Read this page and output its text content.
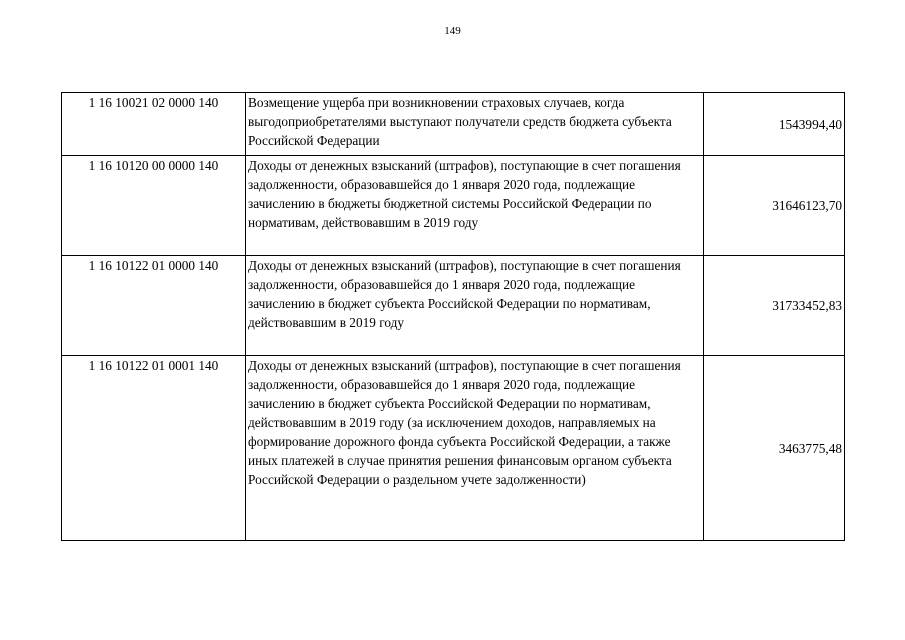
149
1 16 10021 02 0000 140	Возмещение ущерба при возникновении страховых случаев, когда выгодоприобретателями выступают получатели средств бюджета субъекта Российской Федерации	1543994,40
1 16 10120 00 0000 140	Доходы от денежных взысканий (штрафов), поступающие в счет погашения задолженности, образовавшейся до 1 января 2020 года, подлежащие зачислению в бюджеты бюджетной системы Российской Федерации по нормативам, действовавшим в 2019 году	31646123,70
1 16 10122 01 0000 140	Доходы от денежных взысканий (штрафов), поступающие в счет погашения задолженности, образовавшейся до 1 января 2020 года, подлежащие зачислению в бюджет субъекта Российской Федерации по нормативам, действовавшим в 2019 году	31733452,83
1 16 10122 01 0001 140	Доходы от денежных взысканий (штрафов), поступающие в счет погашения задолженности, образовавшейся до 1 января 2020 года, подлежащие зачислению в бюджет субъекта Российской Федерации по нормативам, действовавшим в 2019 году (за исключением доходов, направляемых на формирование дорожного фонда субъекта Российской Федерации, а также иных платежей в случае принятия решения финансовым органом субъекта Российской Федерации о раздельном учете задолженности)	3463775,48
